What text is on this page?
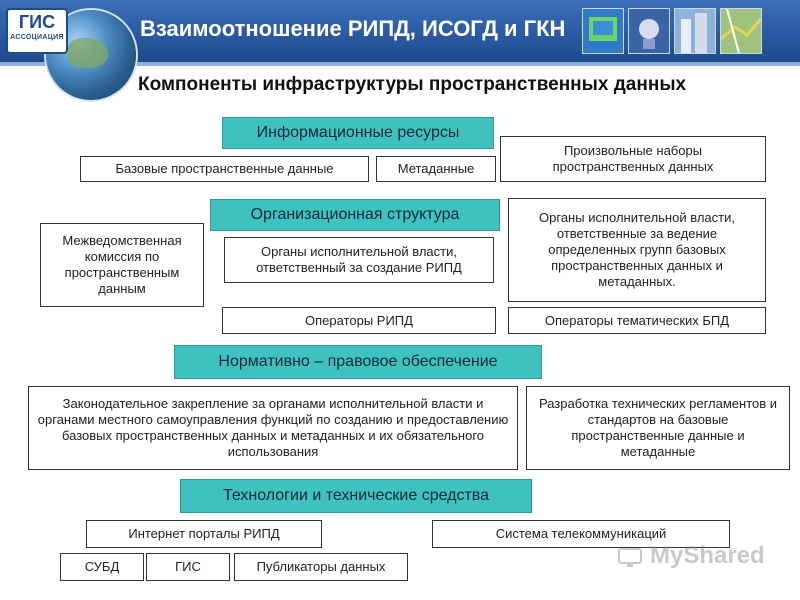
ГИС
АССОЦИАЦИЯ	Взаимоотношение РИПД, ИСОГД и ГКН
Компоненты инфраструктуры пространственных данных
Информационные ресурсы
Базовые пространственные данные	Метаданные
Произвольные наборы пространственных данных
Организационная структура
Межведомственная комиссия по пространственным данным
Органы исполнительной власти, ответственный за создание РИПД
Органы исполнительной власти, ответственные за ведение определенных групп базовых пространственных данных и метаданных.
Операторы РИПД	Операторы тематических БПД
Нормативно – правовое обеспечение
Законодательное закрепление за органами исполнительной власти и органами местного самоуправления функций по созданию и предоставлению базовых пространственных данных и метаданных и их обязательного использования
Разработка технических регламентов и стандартов на базовые пространственные данные и метаданные
Технологии и технические средства
Интернет порталы РИПД	Система телекоммуникаций
СУБД	ГИС	Публикаторы данных	MyShared
